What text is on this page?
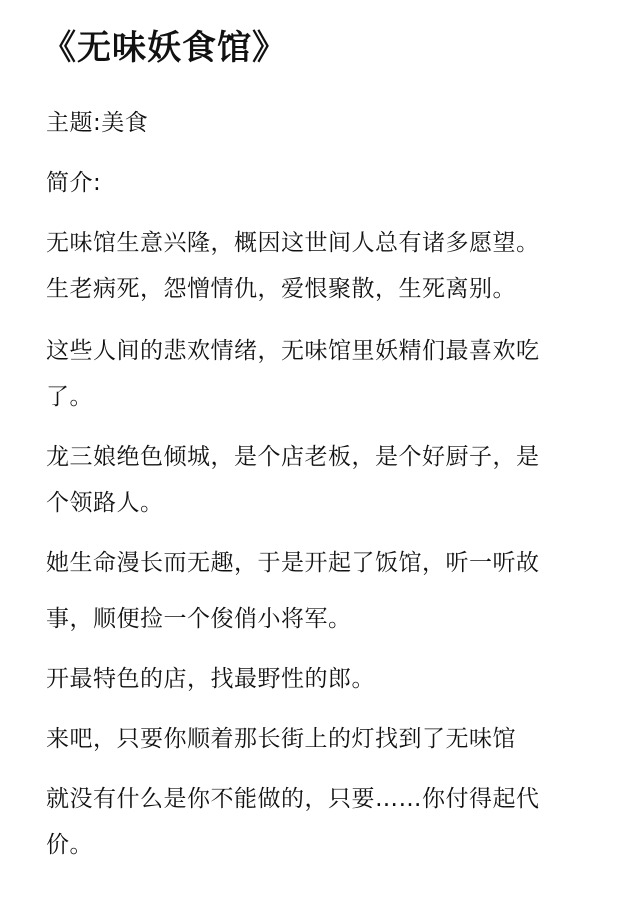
《无味妖食馆》
主题:美食
简介:
无味馆生意兴隆，概因这世间人总有诸多愿望。
生老病死，怨憎情仇，爱恨聚散，生死离别。
这些人间的悲欢情绪，无味馆里妖精们最喜欢吃
了。
龙三娘绝色倾城，是个店老板，是个好厨子，是
个领路人。
她生命漫长而无趣，于是开起了饭馆，听一听故
事，顺便捡一个俊俏小将军。
开最特色的店，找最野性的郎。
来吧，只要你顺着那长街上的灯找到了无味馆
就没有什么是你不能做的，只要……你付得起代
价。
